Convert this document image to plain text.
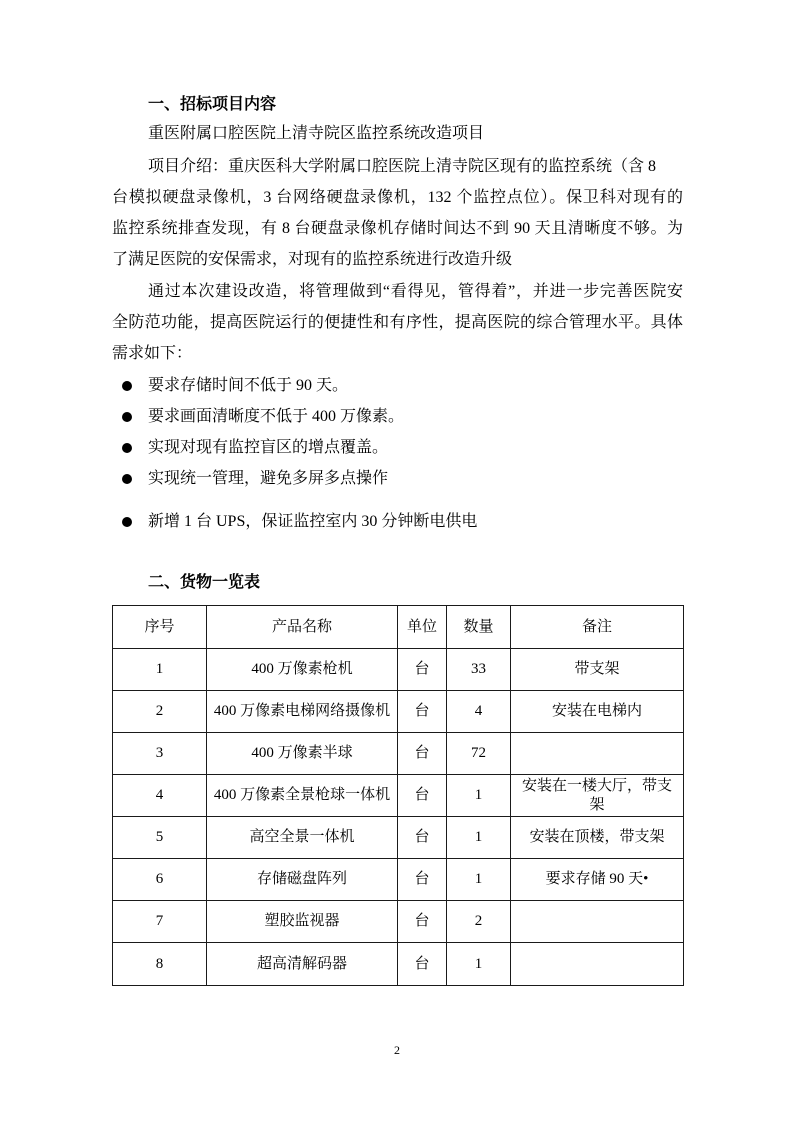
一、招标项目内容
重医附属口腔医院上清寺院区监控系统改造项目
项目介绍：重庆医科大学附属口腔医院上清寺院区现有的监控系统（含 8
台模拟硬盘录像机，3 台网络硬盘录像机，132 个监控点位）。保卫科对现有的
监控系统排查发现，有 8 台硬盘录像机存储时间达不到 90 天且清晰度不够。为
了满足医院的安保需求，对现有的监控系统进行改造升级
通过本次建设改造，将管理做到“看得见，管得着”，并进一步完善医院安
全防范功能，提高医院运行的便捷性和有序性，提高医院的综合管理水平。具体
需求如下：
要求存储时间不低于 90 天。
要求画面清晰度不低于 400 万像素。
实现对现有监控盲区的增点覆盖。
实现统一管理，避免多屏多点操作
新增 1 台 UPS，保证监控室内 30 分钟断电供电
二、货物一览表
序号	产品名称	单位	数量	备注
1	400 万像素枪机	台	33	带支架
2	400 万像素电梯网络摄像机	台	4	安装在电梯内
3	400 万像素半球	台	72	
4	400 万像素全景枪球一体机	台	1	安装在一楼大厅，带支架
5	高空全景一体机	台	1	安装在顶楼，带支架
6	存储磁盘阵列	台	1	要求存储 90 天•
7	塑胶监视器	台	2	
8	超高清解码器	台	1	
2
